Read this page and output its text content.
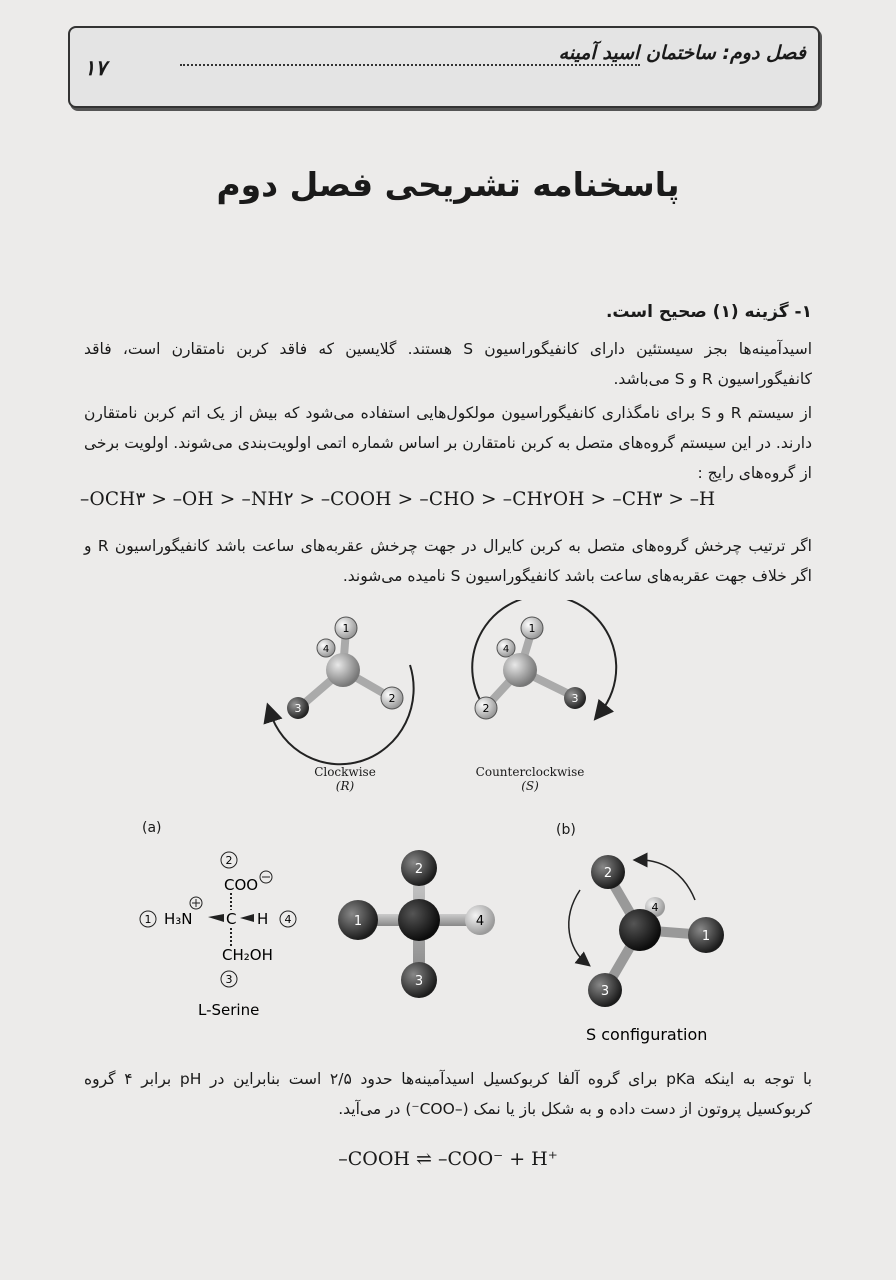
فصل دوم: ساختمان اسید آمینه
۱۷
پاسخنامه تشریحی فصل دوم
۱- گزینه (۱) صحیح است.
اسیدآمینه‌ها بجز سیستئین دارای کانفیگوراسیون S هستند. گلایسین که فاقد کربن نامتقارن است، فاقد کانفیگوراسیون R و S می‌باشد.
از سیستم R و S برای نامگذاری کانفیگوراسیون مولکول‌هایی استفاده می‌شود که بیش از یک اتم کربن نامتقارن دارند. در این سیستم گروه‌های متصل به کربن نامتقارن بر اساس شماره اتمی اولویت‌بندی می‌شوند. اولویت برخی از گروه‌های رایج :
–OCH۳ > –OH > –NH۲ > –COOH > –CHO > –CH۲OH > –CH۳ > –H
اگر ترتیب چرخش گروه‌های متصل به کربن کایرال در جهت چرخش عقربه‌های ساعت باشد کانفیگوراسیون R و اگر خلاف جهت عقربه‌های ساعت باشد کانفیگوراسیون S نامیده می‌شوند.
4
1
2
3
4
1
2
3
Clockwise
(R)
Counterclockwise
(S)
(a)	(b)
2
COO
1 H₃N C H 4
CH₂OH
3
L-Serine
1
2
3
4
4
2
3
1
S configuration
با توجه به اینکه pKa برای گروه آلفا کربوکسیل اسیدآمینه‌ها حدود ۲/۵ است بنابراین در pH برابر ۴ گروه کربوکسیل پروتون از دست داده و به شکل باز یا نمک (–COO⁻) در می‌آید.
–COOH ⇌ –COO⁻ + H⁺
